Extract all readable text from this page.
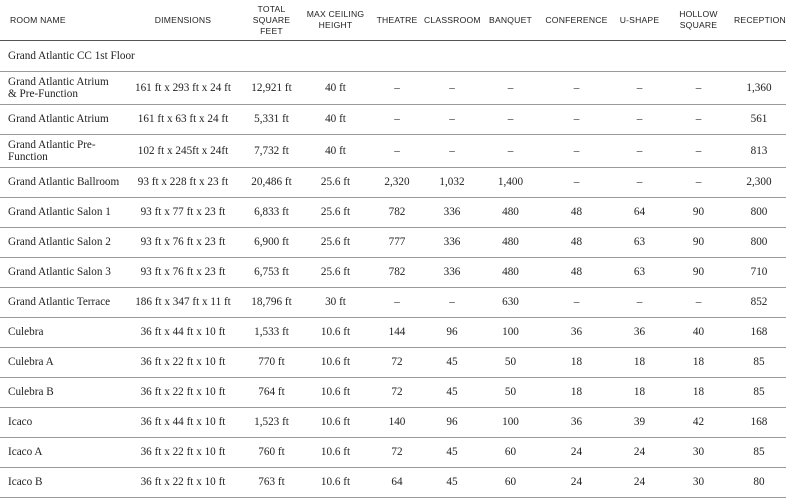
ROOM NAME	DIMENSIONS	TOTAL SQUARE FEET	MAX CEILING HEIGHT	THEATRE	CLASSROOM	BANQUET	CONFERENCE	U-SHAPE	HOLLOW SQUARE	RECEPTION
Grand Atlantic CC 1st Floor										
Grand Atlantic Atrium & Pre-Function	161 ft x 293 ft x 24 ft	12,921 ft	40 ft	–	–	–	–	–	–	1,360
Grand Atlantic Atrium	161 ft x 63 ft x 24 ft	5,331 ft	40 ft	–	–	–	–	–	–	561
Grand Atlantic Pre-Function	102 ft x 245ft x 24ft	7,732 ft	40 ft	–	–	–	–	–	–	813
Grand Atlantic Ballroom	93 ft x 228 ft x 23 ft	20,486 ft	25.6 ft	2,320	1,032	1,400	–	–	–	2,300
Grand Atlantic Salon 1	93 ft x 77 ft x 23 ft	6,833 ft	25.6 ft	782	336	480	48	64	90	800
Grand Atlantic Salon 2	93 ft x 76 ft x 23 ft	6,900 ft	25.6 ft	777	336	480	48	63	90	800
Grand Atlantic Salon 3	93 ft x 76 ft x 23 ft	6,753 ft	25.6 ft	782	336	480	48	63	90	710
Grand Atlantic Terrace	186 ft x 347 ft x 11 ft	18,796 ft	30 ft	–	–	630	–	–	–	852
Culebra	36 ft x 44 ft x 10 ft	1,533 ft	10.6 ft	144	96	100	36	36	40	168
Culebra A	36 ft x 22 ft x 10 ft	770 ft	10.6 ft	72	45	50	18	18	18	85
Culebra B	36 ft x 22 ft x 10 ft	764 ft	10.6 ft	72	45	50	18	18	18	85
Icaco	36 ft x 44 ft x 10 ft	1,523 ft	10.6 ft	140	96	100	36	39	42	168
Icaco A	36 ft x 22 ft x 10 ft	760 ft	10.6 ft	72	45	60	24	24	30	85
Icaco B	36 ft x 22 ft x 10 ft	763 ft	10.6 ft	64	45	60	24	24	30	80
